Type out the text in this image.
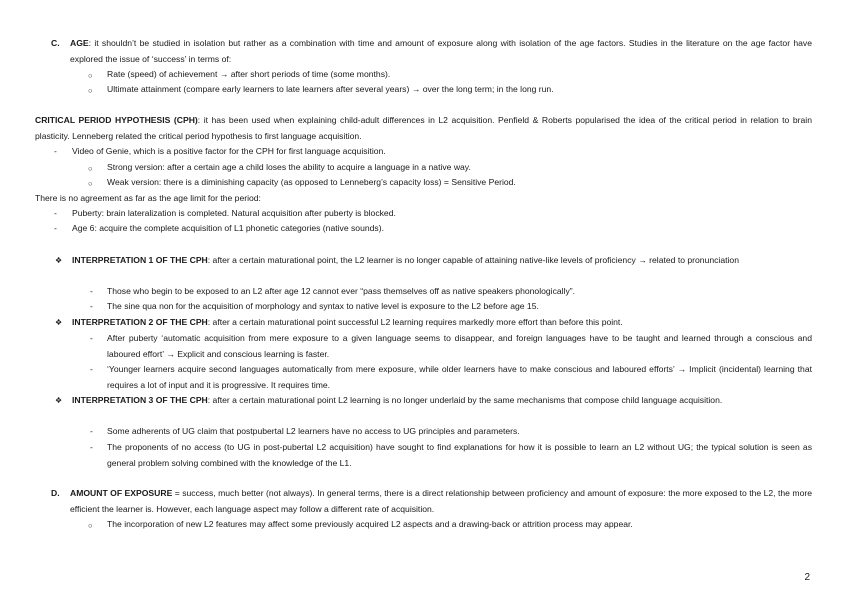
C. AGE: it shouldn’t be studied in isolation but rather as a combination with time and amount of exposure along with isolation of the age factors. Studies in the literature on the age factor have explored the issue of ‘success’ in terms of:
○ Rate (speed) of achievement → after short periods of time (some months).
○ Ultimate attainment (compare early learners to late learners after several years) → over the long term; in the long run.
CRITICAL PERIOD HYPOTHESIS (CPH): it has been used when explaining child-adult differences in L2 acquisition. Penfield & Roberts popularised the idea of the critical period in relation to brain plasticity. Lenneberg related the critical period hypothesis to first language acquisition.
- Video of Genie, which is a positive factor for the CPH for first language acquisition.
○ Strong version: after a certain age a child loses the ability to acquire a language in a native way.
○ Weak version: there is a diminishing capacity (as opposed to Lenneberg’s capacity loss) = Sensitive Period.
There is no agreement as far as the age limit for the period:
- Puberty: brain lateralization is completed. Natural acquisition after puberty is blocked.
- Age 6: acquire the complete acquisition of L1 phonetic categories (native sounds).
❖ INTERPRETATION 1 OF THE CPH: after a certain maturational point, the L2 learner is no longer capable of attaining native-like levels of proficiency → related to pronunciation
- Those who begin to be exposed to an L2 after age 12 cannot ever “pass themselves off as native speakers phonologically”.
- The sine qua non for the acquisition of morphology and syntax to native level is exposure to the L2 before age 15.
❖ INTERPRETATION 2 OF THE CPH: after a certain maturational point successful L2 learning requires markedly more effort than before this point.
- After puberty ‘automatic acquisition from mere exposure to a given language seems to disappear, and foreign languages have to be taught and learned through a conscious and laboured effort’ → Explicit and conscious learning is faster.
- ‘Younger learners acquire second languages automatically from mere exposure, while older learners have to make conscious and laboured efforts’ → Implicit (incidental) learning that requires a lot of input and it is progressive. It requires time.
❖ INTERPRETATION 3 OF THE CPH: after a certain maturational point L2 learning is no longer underlaid by the same mechanisms that compose child language acquisition.
- Some adherents of UG claim that postpubertal L2 learners have no access to UG principles and parameters.
- The proponents of no access (to UG in post-pubertal L2 acquisition) have sought to find explanations for how it is possible to learn an L2 without UG; the typical solution is seen as general problem solving combined with the knowledge of the L1.
D. AMOUNT OF EXPOSURE = success, much better (not always). In general terms, there is a direct relationship between proficiency and amount of exposure: the more exposed to the L2, the more efficient the learner is. However, each language aspect may follow a different rate of acquisition.
○ The incorporation of new L2 features may affect some previously acquired L2 aspects and a drawing-back or attrition process may appear.
2
